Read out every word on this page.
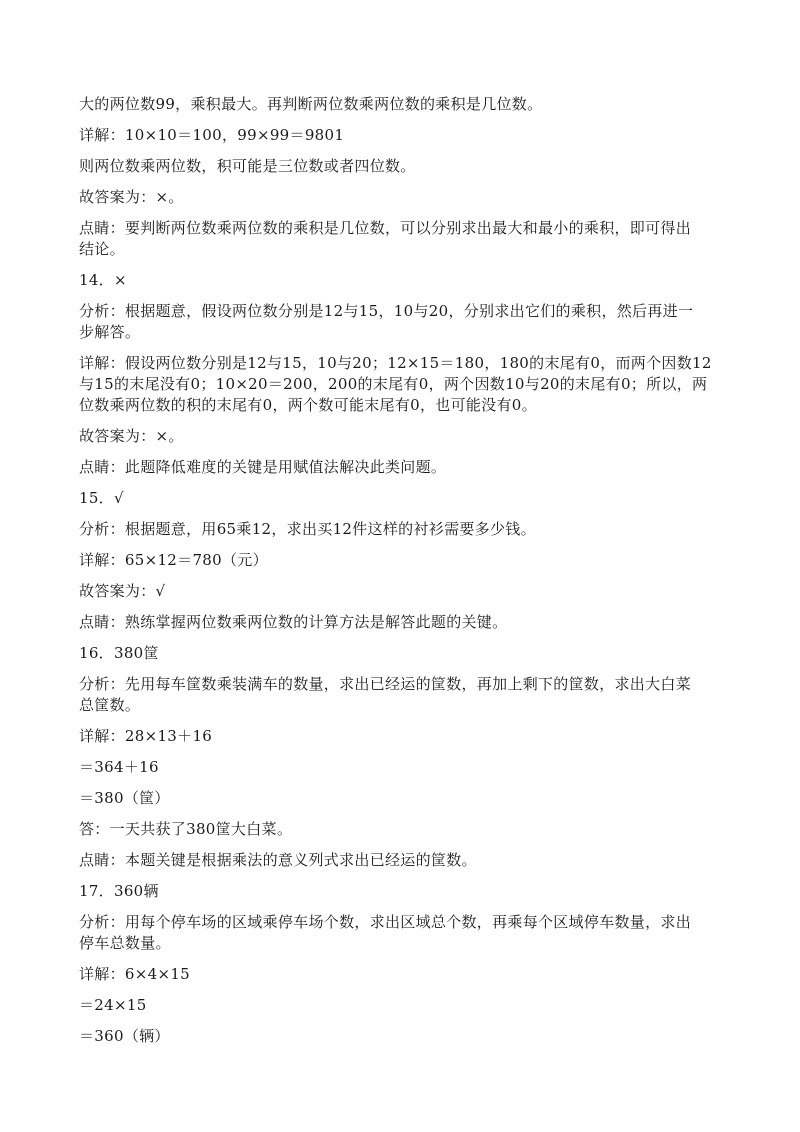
大的两位数99，乘积最大。再判断两位数乘两位数的乘积是几位数。
详解：10×10＝100，99×99＝9801
则两位数乘两位数，积可能是三位数或者四位数。
故答案为：×。
点睛：要判断两位数乘两位数的乘积是几位数，可以分别求出最大和最小的乘积，即可得出
结论。
14．×
分析：根据题意，假设两位数分别是12与15，10与20，分别求出它们的乘积，然后再进一
步解答。
详解：假设两位数分别是12与15，10与20；12×15＝180，180的末尾有0，而两个因数12
与15的末尾没有0；10×20＝200，200的末尾有0，两个因数10与20的末尾有0；所以，两
位数乘两位数的积的末尾有0，两个数可能末尾有0，也可能没有0。
故答案为：×。
点睛：此题降低难度的关键是用赋值法解决此类问题。
15．√
分析：根据题意，用65乘12，求出买12件这样的衬衫需要多少钱。
详解：65×12＝780（元）
故答案为：√
点睛：熟练掌握两位数乘两位数的计算方法是解答此题的关键。
16．380筐
分析：先用每车筐数乘装满车的数量，求出已经运的筐数，再加上剩下的筐数，求出大白菜
总筐数。
详解：28×13＋16
＝364＋16
＝380（筐）
答：一天共获了380筐大白菜。
点睛：本题关键是根据乘法的意义列式求出已经运的筐数。
17．360辆
分析：用每个停车场的区域乘停车场个数，求出区域总个数，再乘每个区域停车数量，求出
停车总数量。
详解：6×4×15
＝24×15
＝360（辆）
